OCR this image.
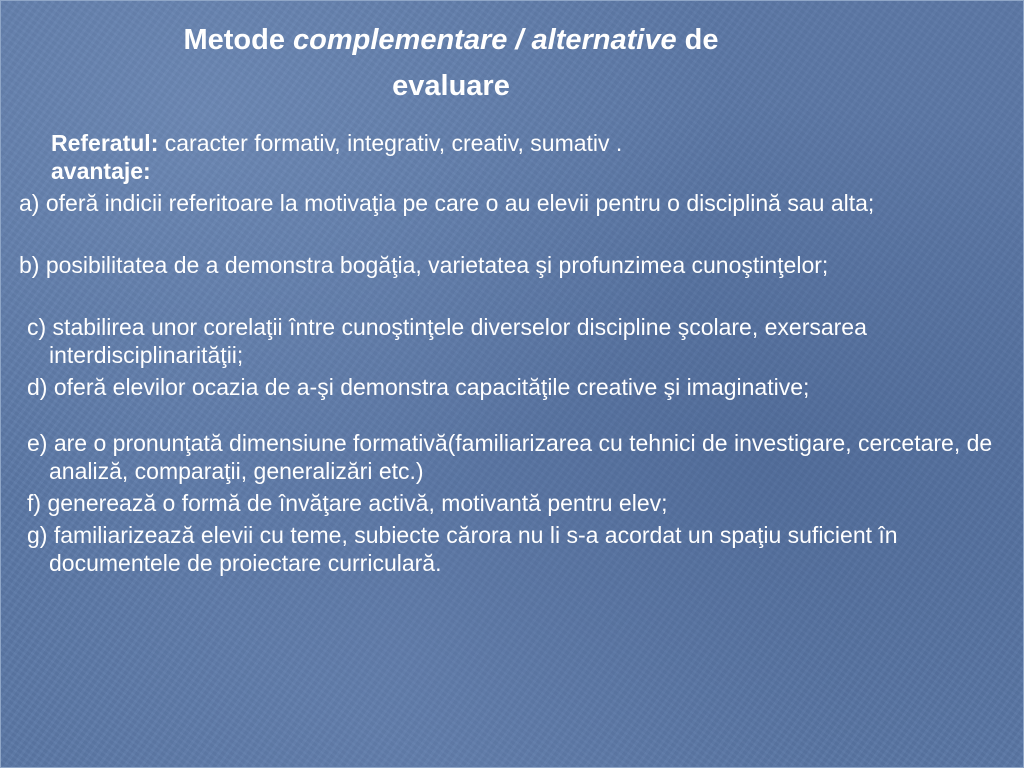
Metode complementare / alternative de
evaluare
Referatul: caracter formativ, integrativ, creativ, sumativ .
avantaje:
a) oferă indicii referitoare la motivaţia pe care o au elevii pentru o disciplină sau alta;
b) posibilitatea de a demonstra bogăţia, varietatea şi profunzimea cunoştinţelor;
c) stabilirea unor corelaţii între cunoştinţele diverselor discipline şcolare, exersarea interdisciplinarităţii;
d) oferă elevilor ocazia de a-şi demonstra capacităţile creative şi imaginative;
e) are o pronunţată dimensiune formativă(familiarizarea cu tehnici de investigare, cercetare, de analiză, comparaţii, generalizări etc.)
f) generează o formă de învăţare activă, motivantă pentru elev;
g) familiarizează elevii cu teme, subiecte cărora nu li s-a acordat un spaţiu suficient în documentele de proiectare curriculară.
